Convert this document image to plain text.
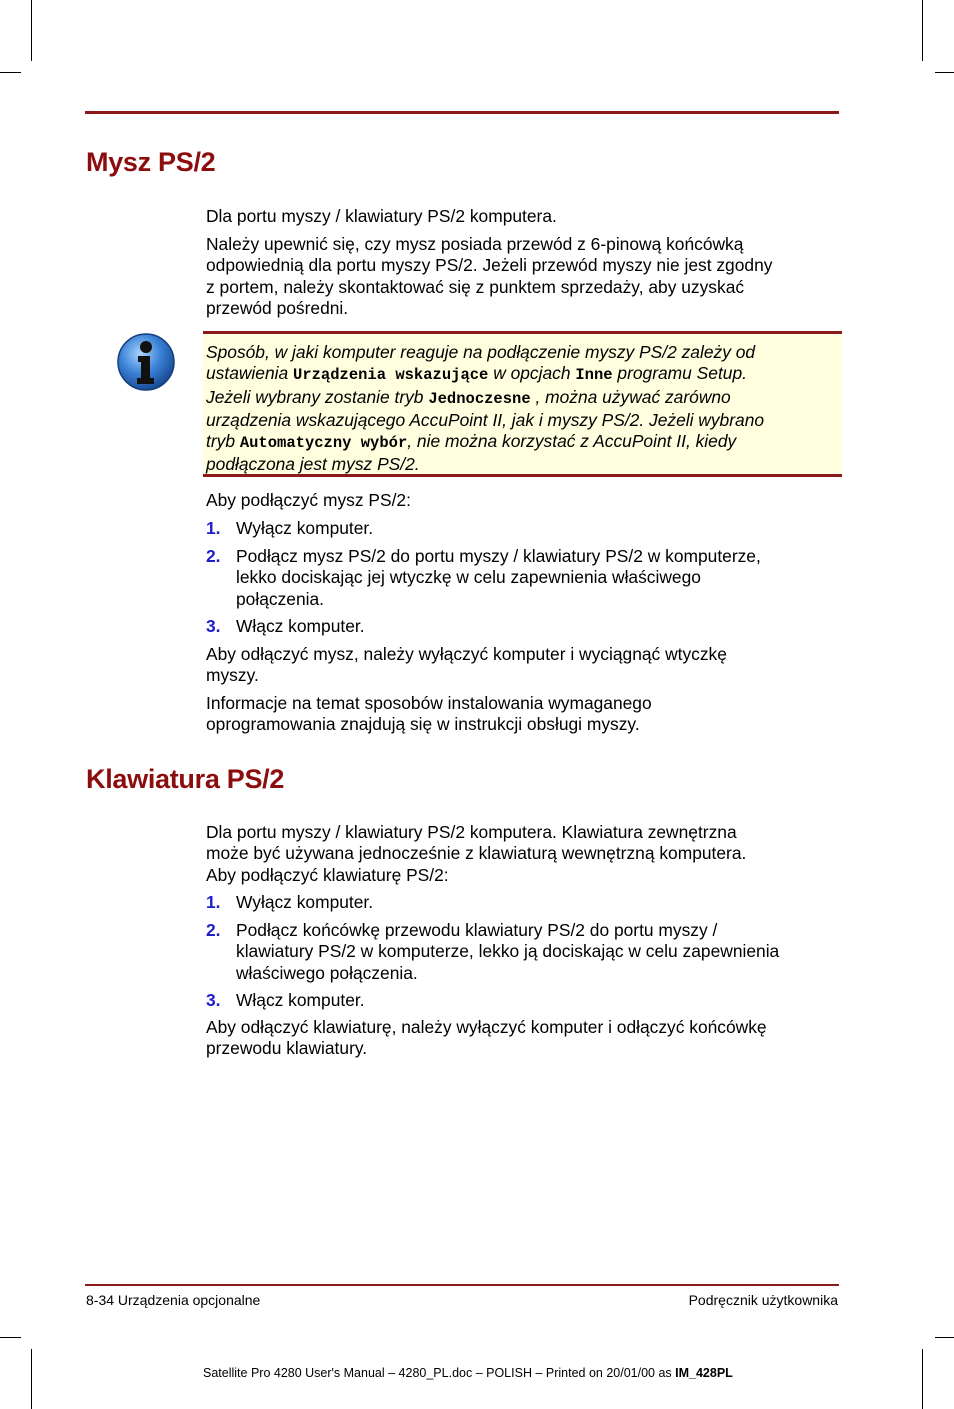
Mysz PS/2

Dla portu myszy / klawiatury PS/2 komputera.

Należy upewnić się, czy mysz posiada przewód z 6-pinową końcówką
odpowiednią dla portu myszy PS/2. Jeżeli przewód myszy nie jest zgodny
z portem, należy skontaktować się z punktem sprzedaży, aby uzyskać
przewód pośredni.
Sposób, w jaki komputer reaguje na podłączenie myszy PS/2 zależy od
ustawienia Urządzenia wskazujące w opcjach Inne programu Setup.
Jeżeli wybrany zostanie tryb Jednoczesne , można używać zarówno
urządzenia wskazującego AccuPoint II, jak i myszy PS/2. Jeżeli wybrano
tryb Automatyczny wybór, nie można korzystać z AccuPoint II, kiedy
podłączona jest mysz PS/2.

Aby podłączyć mysz PS/2:

1. Wyłącz komputer.
2. Podłącz mysz PS/2 do portu myszy / klawiatury PS/2 w komputerze,
lekko dociskając jej wtyczkę w celu zapewnienia właściwego
połączenia.
3. Włącz komputer.
Aby odłączyć mysz, należy wyłączyć komputer i wyciągnąć wtyczkę
myszy.
Informacje na temat sposobów instalowania wymaganego
oprogramowania znajdują się w instrukcji obsługi myszy.
Klawiatura PS/2
Dla portu myszy / klawiatury PS/2 komputera. Klawiatura zewnętrzna
może być używana jednocześnie z klawiaturą wewnętrzną komputera.
Aby podłączyć klawiaturę PS/2:
1. Wyłącz komputer.
2. Podłącz końcówkę przewodu klawiatury PS/2 do portu myszy /
klawiatury PS/2 w komputerze, lekko ją dociskając w celu zapewnienia
właściwego połączenia.
3. Włącz komputer.
Aby odłączyć klawiaturę, należy wyłączyć komputer i odłączyć końcówkę
przewodu klawiatury.
8-34 Urządzenia opcjonalne	Podręcznik użytkownika
Satellite Pro 4280 User's Manual – 4280_PL.doc – POLISH – Printed on 20/01/00 as IM_428PL
